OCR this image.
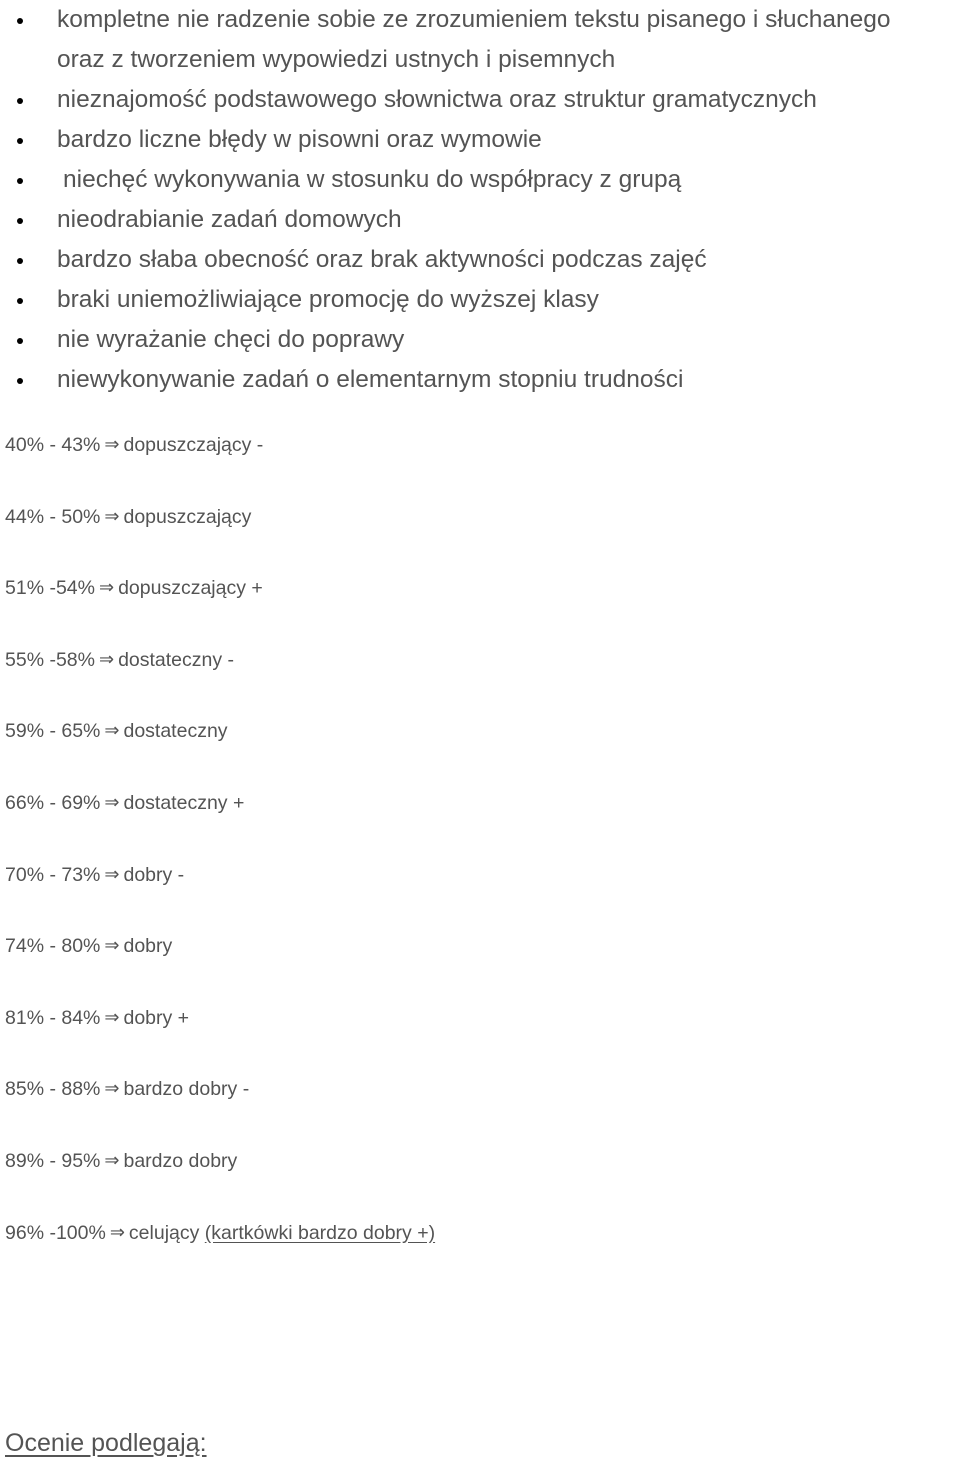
kompletne nie radzenie sobie ze zrozumieniem tekstu pisanego i słuchanego
oraz z tworzeniem wypowiedzi ustnych i pisemnych
nieznajomość podstawowego słownictwa oraz struktur gramatycznych
bardzo liczne błędy w pisowni oraz wymowie
niechęć wykonywania w stosunku do współpracy z grupą
nieodrabianie zadań domowych
bardzo słaba obecność oraz brak aktywności podczas zajęć
braki uniemożliwiające promocję do wyższej klasy
nie wyrażanie chęci do poprawy
niewykonywanie zadań o elementarnym stopniu trudności
40% - 43% ⇒ dopuszczający -
44% - 50% ⇒ dopuszczający
51% -54% ⇒ dopuszczający +
55% -58% ⇒ dostateczny -
59% - 65% ⇒ dostateczny
66% - 69% ⇒ dostateczny +
70% - 73% ⇒ dobry -
74% - 80% ⇒ dobry
81% - 84% ⇒ dobry +
85% - 88% ⇒ bardzo dobry -
89% - 95% ⇒ bardzo dobry
96% -100% ⇒ celujący (kartkówki bardzo dobry +)
Ocenie podlegają:
